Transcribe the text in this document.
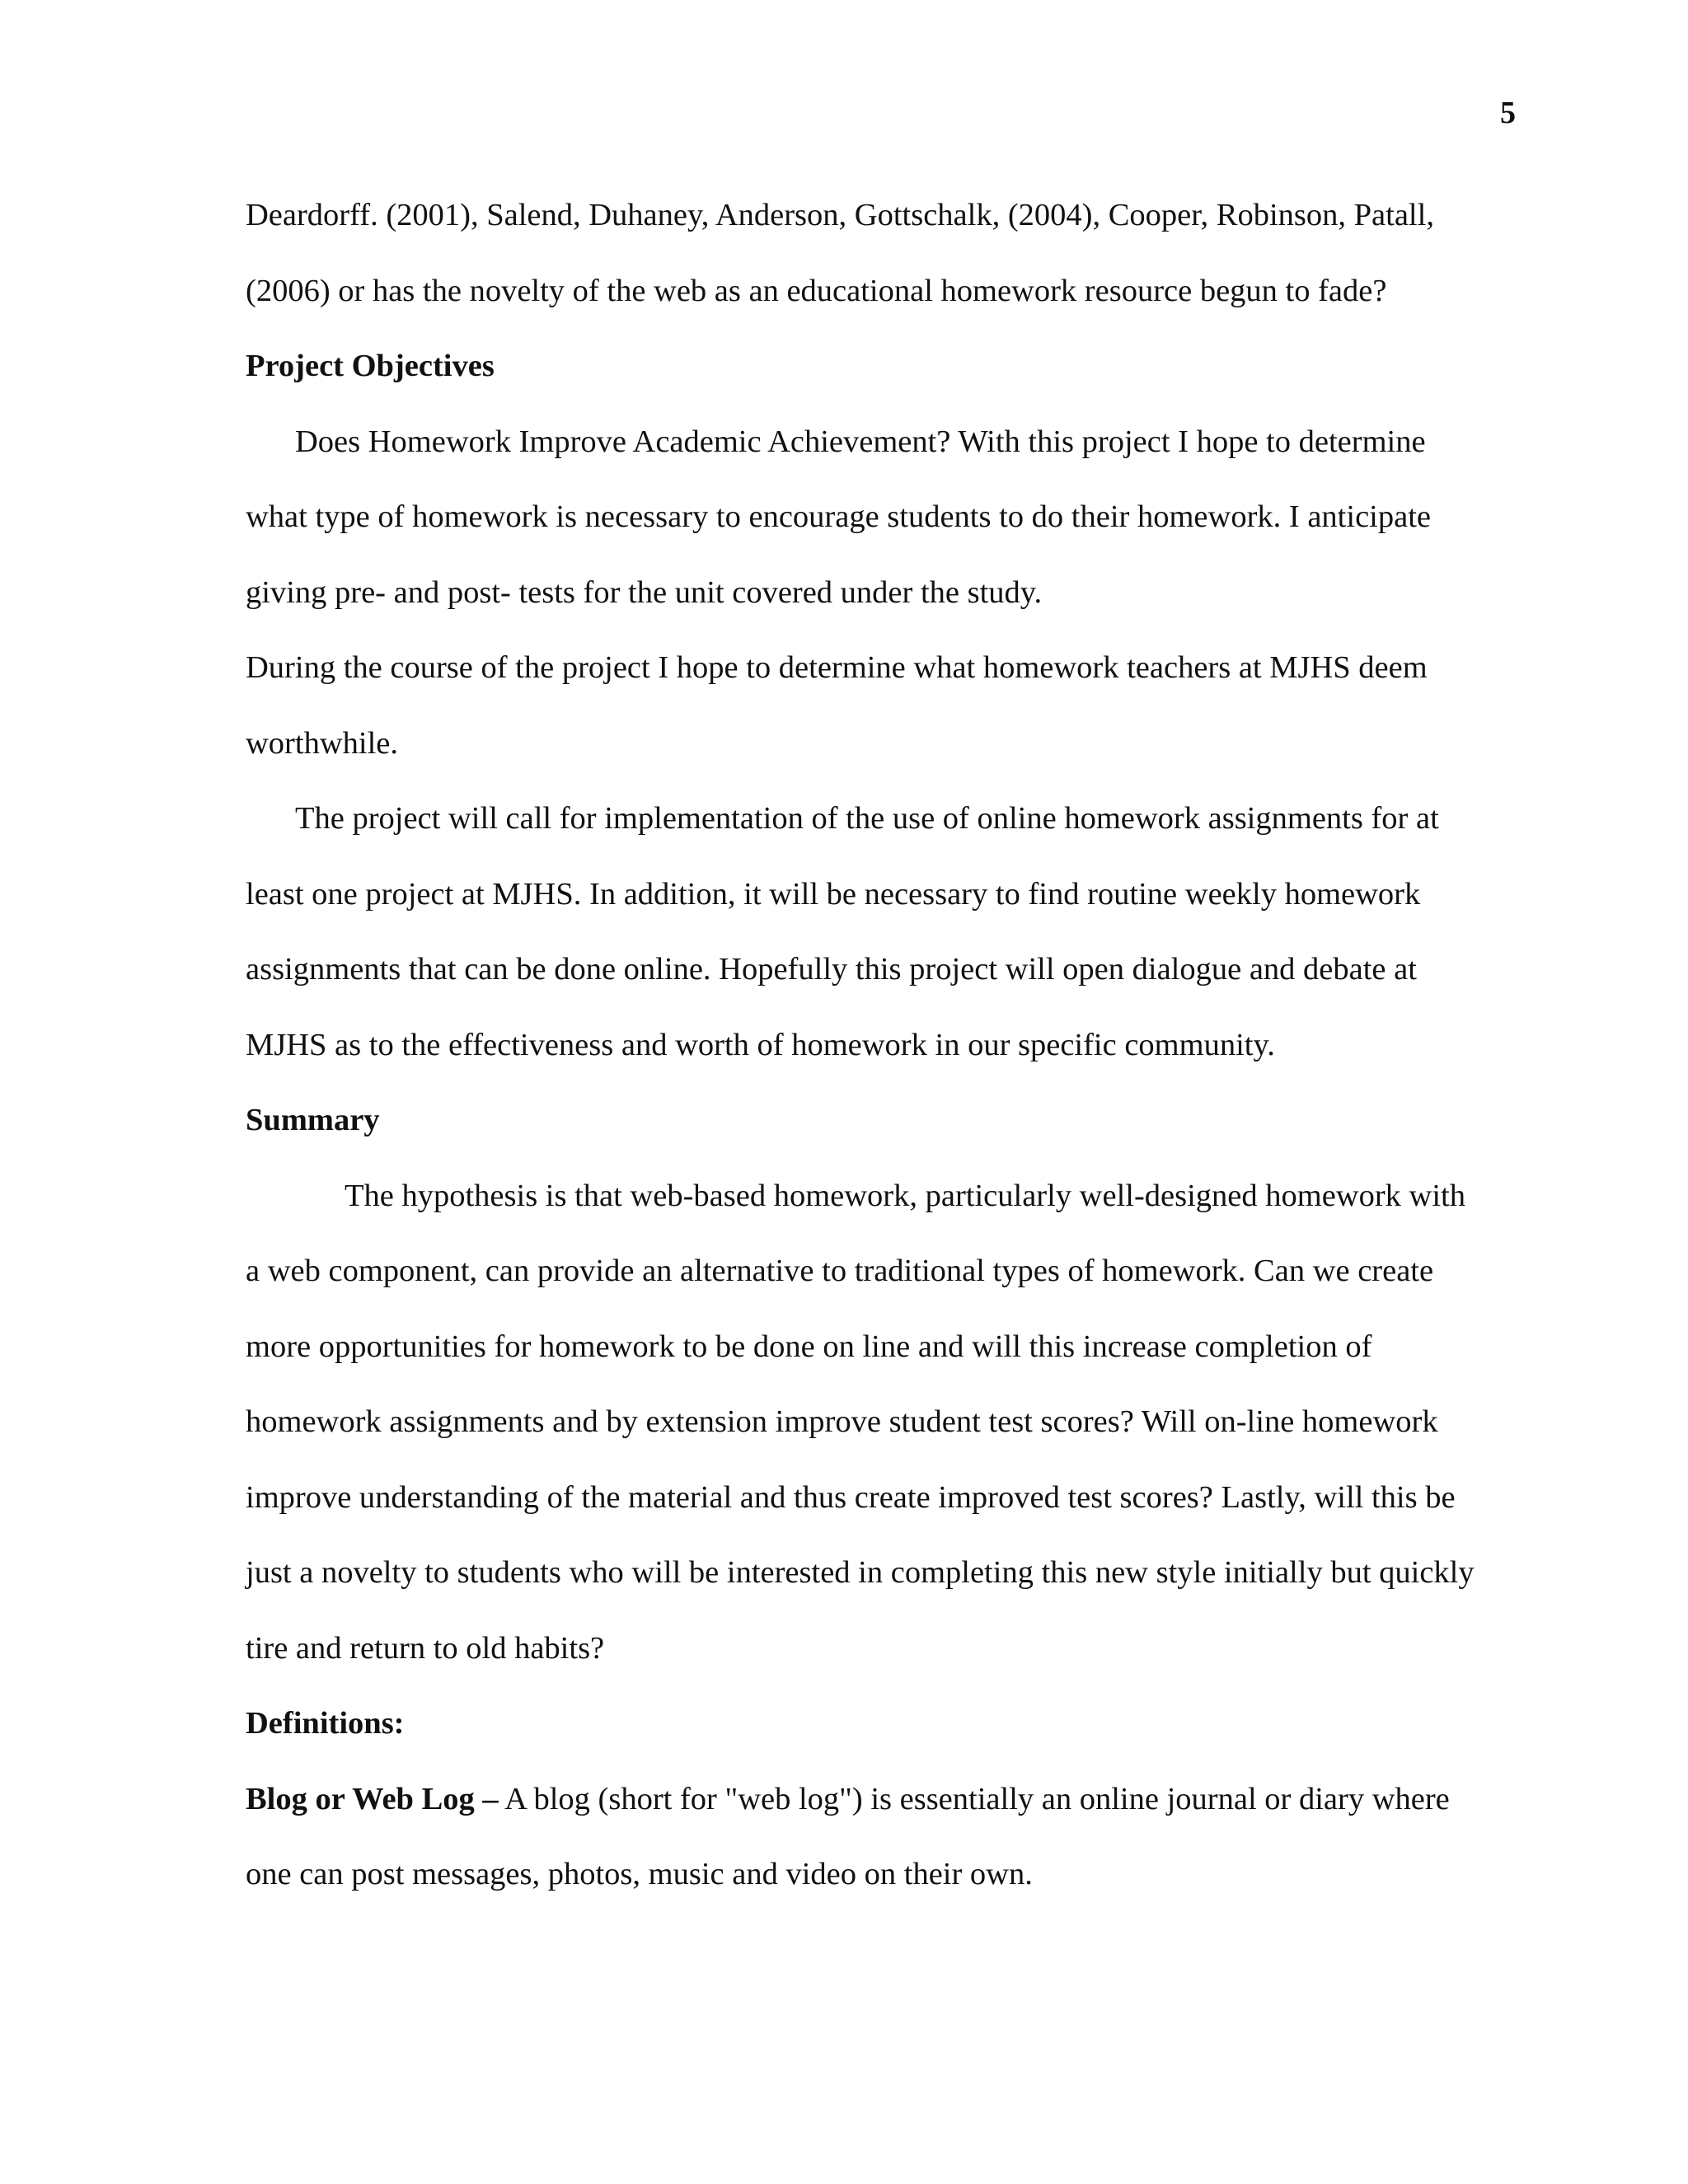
5
Deardorff. (2001), Salend, Duhaney, Anderson, Gottschalk, (2004), Cooper, Robinson, Patall,
(2006) or has the novelty of the web as an educational homework resource begun to fade?
Project Objectives
Does Homework Improve Academic Achievement? With this project I hope to determine
what type of homework is necessary to encourage students to do their homework. I anticipate
giving pre- and post- tests for the unit covered under the study.
During the course of the project I hope to determine what homework teachers at MJHS deem
worthwhile.
The project will call for implementation of the use of online homework assignments for at
least one project at MJHS. In addition, it will be necessary to find routine weekly homework
assignments that can be done online. Hopefully this project will open dialogue and debate at
MJHS as to the effectiveness and worth of homework in our specific community.
Summary
The hypothesis is that web-based homework, particularly well-designed homework with
a web component, can provide an alternative to traditional types of homework. Can we create
more opportunities for homework to be done on line and will this increase completion of
homework assignments and by extension improve student test scores? Will on-line homework
improve understanding of the material and thus create improved test scores? Lastly, will this be
just a novelty to students who will be interested in completing this new style initially but quickly
tire and return to old habits?
Definitions:
Blog or Web Log – A blog (short for "web log") is essentially an online journal or diary where
one can post messages, photos, music and video on their own.
